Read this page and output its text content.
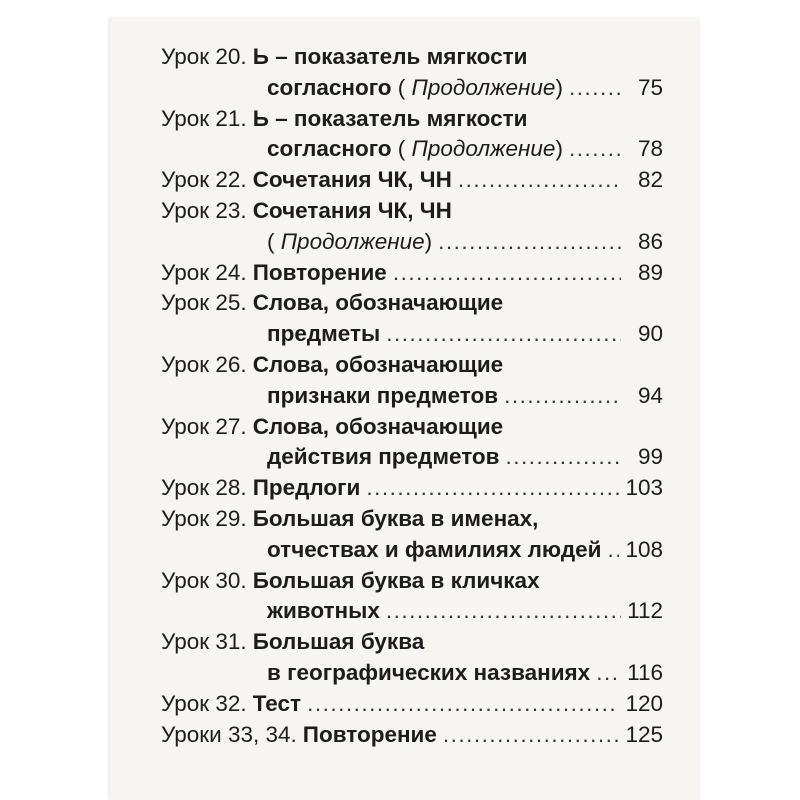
Урок 20. Ь – показатель мягкости
согласного ( Продолжение) .....	75
Урок 21. Ь – показатель мягкости
согласного ( Продолжение) .....	78
Урок 22. Сочетания ЧК, ЧН .....	82
Урок 23. Сочетания ЧК, ЧН
( Продолжение) .....	86
Урок 24. Повторение .....	89
Урок 25. Слова, обозначающие
предметы .....	90
Урок 26. Слова, обозначающие
признаки предметов .....	94
Урок 27. Слова, обозначающие
действия предметов .....	99
Урок 28. Предлоги .....	103
Урок 29. Большая буква в именах,
отчествах и фамилиях людей ..... 108
Урок 30. Большая буква в кличках
животных .....	112
Урок 31. Большая буква
в географических названиях ..... 116
Урок 32. Тест .....	120
Уроки 33, 34. Повторение .....	125
